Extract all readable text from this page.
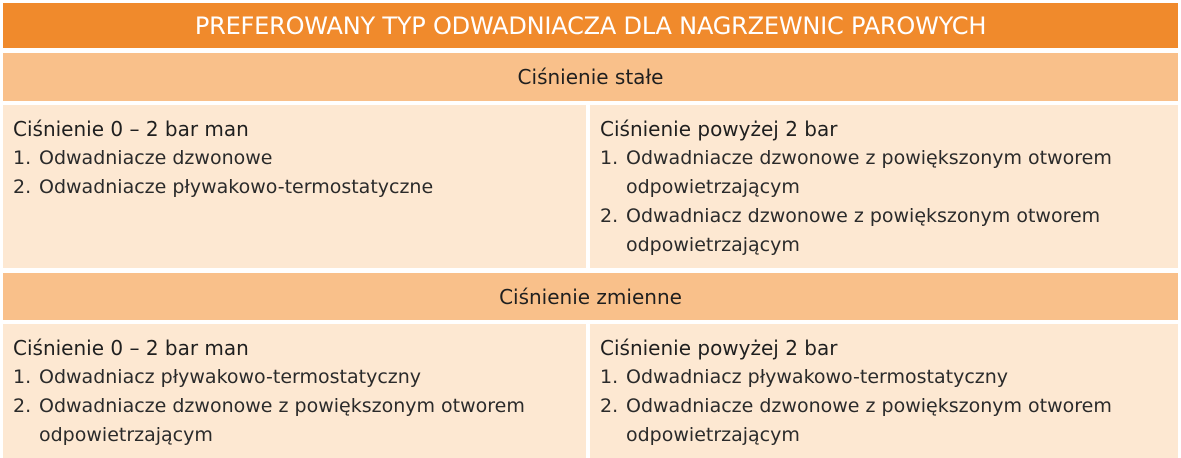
PREFEROWANY TYP ODWADNIACZA DLA NAGRZEWNIC PAROWYCH
Ciśnienie stałe
Ciśnienie 0 – 2 bar man
1. Odwadniacze dzwonowe
2. Odwadniacze pływakowo-termostatyczne
Ciśnienie powyżej 2 bar
1. Odwadniacze dzwonowe z powiększonym otworem odpowietrzającym
2. Odwadniacz dzwonowe z powiększonym otworem odpowietrzającym
Ciśnienie zmienne
Ciśnienie 0 – 2 bar man
1. Odwadniacz pływakowo-termostatyczny
2. Odwadniacze dzwonowe z powiększonym otworem odpowietrzającym
Ciśnienie powyżej 2 bar
1. Odwadniacz pływakowo-termostatyczny
2. Odwadniacze dzwonowe z powiększonym otworem odpowietrzającym
